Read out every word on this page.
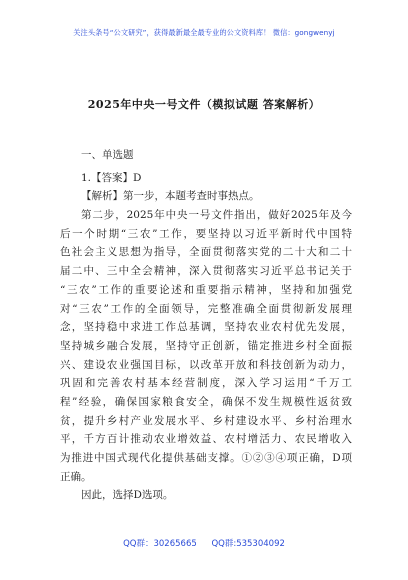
关注头条号“公文研究”，获得最新最全最专业的公文资料库！ 微信：gongwenyj
2025年中央一号文件（模拟试题 答案解析）
一、单选题
1.【答案】D
【解析】第一步，本题考查时事热点。
第二步，2025年中央一号文件指出，做好2025年及今
后一个时期“三农”工作，要坚持以习近平新时代中国特
色社会主义思想为指导，全面贯彻落实党的二十大和二十
届二中、三中全会精神，深入贯彻落实习近平总书记关于
“三农”工作的重要论述和重要指示精神，坚持和加强党
对“三农”工作的全面领导，完整准确全面贯彻新发展理
念，坚持稳中求进工作总基调，坚持农业农村优先发展，
坚持城乡融合发展，坚持守正创新，锚定推进乡村全面振
兴、建设农业强国目标，以改革开放和科技创新为动力，
巩固和完善农村基本经营制度，深入学习运用“千万工
程”经验，确保国家粮食安全，确保不发生规模性返贫致
贫，提升乡村产业发展水平、乡村建设水平、乡村治理水
平，千方百计推动农业增效益、农村增活力、农民增收入
为推进中国式现代化提供基础支撑。①②③④项正确，D项
正确。
因此，选择D选项。
QQ群：30265665 QQ群:535304092
